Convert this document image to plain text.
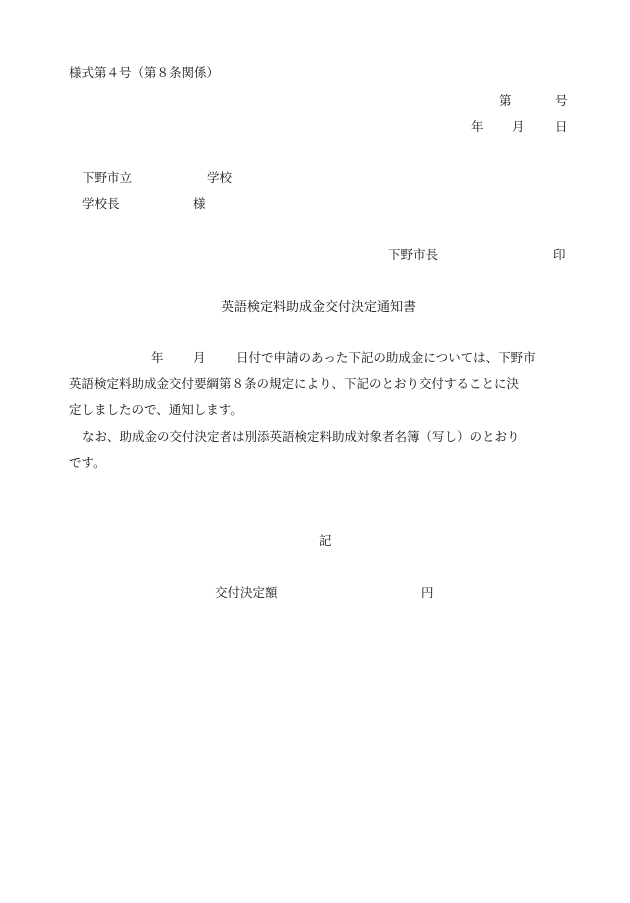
様式第４号（第８条関係）
第	号
年 月 日
下野市立	学校
学校長	様
下野市長	印
英語検定料助成金交付決定通知書
年 月 日付で申請のあった下記の助成金については、下野市
英語検定料助成金交付要綱第８条の規定により、下記のとおり交付することに決
定しましたので、通知します。
なお、助成金の交付決定者は別添英語検定料助成対象者名簿（写し）のとおり
です。
記
交付決定額	円
